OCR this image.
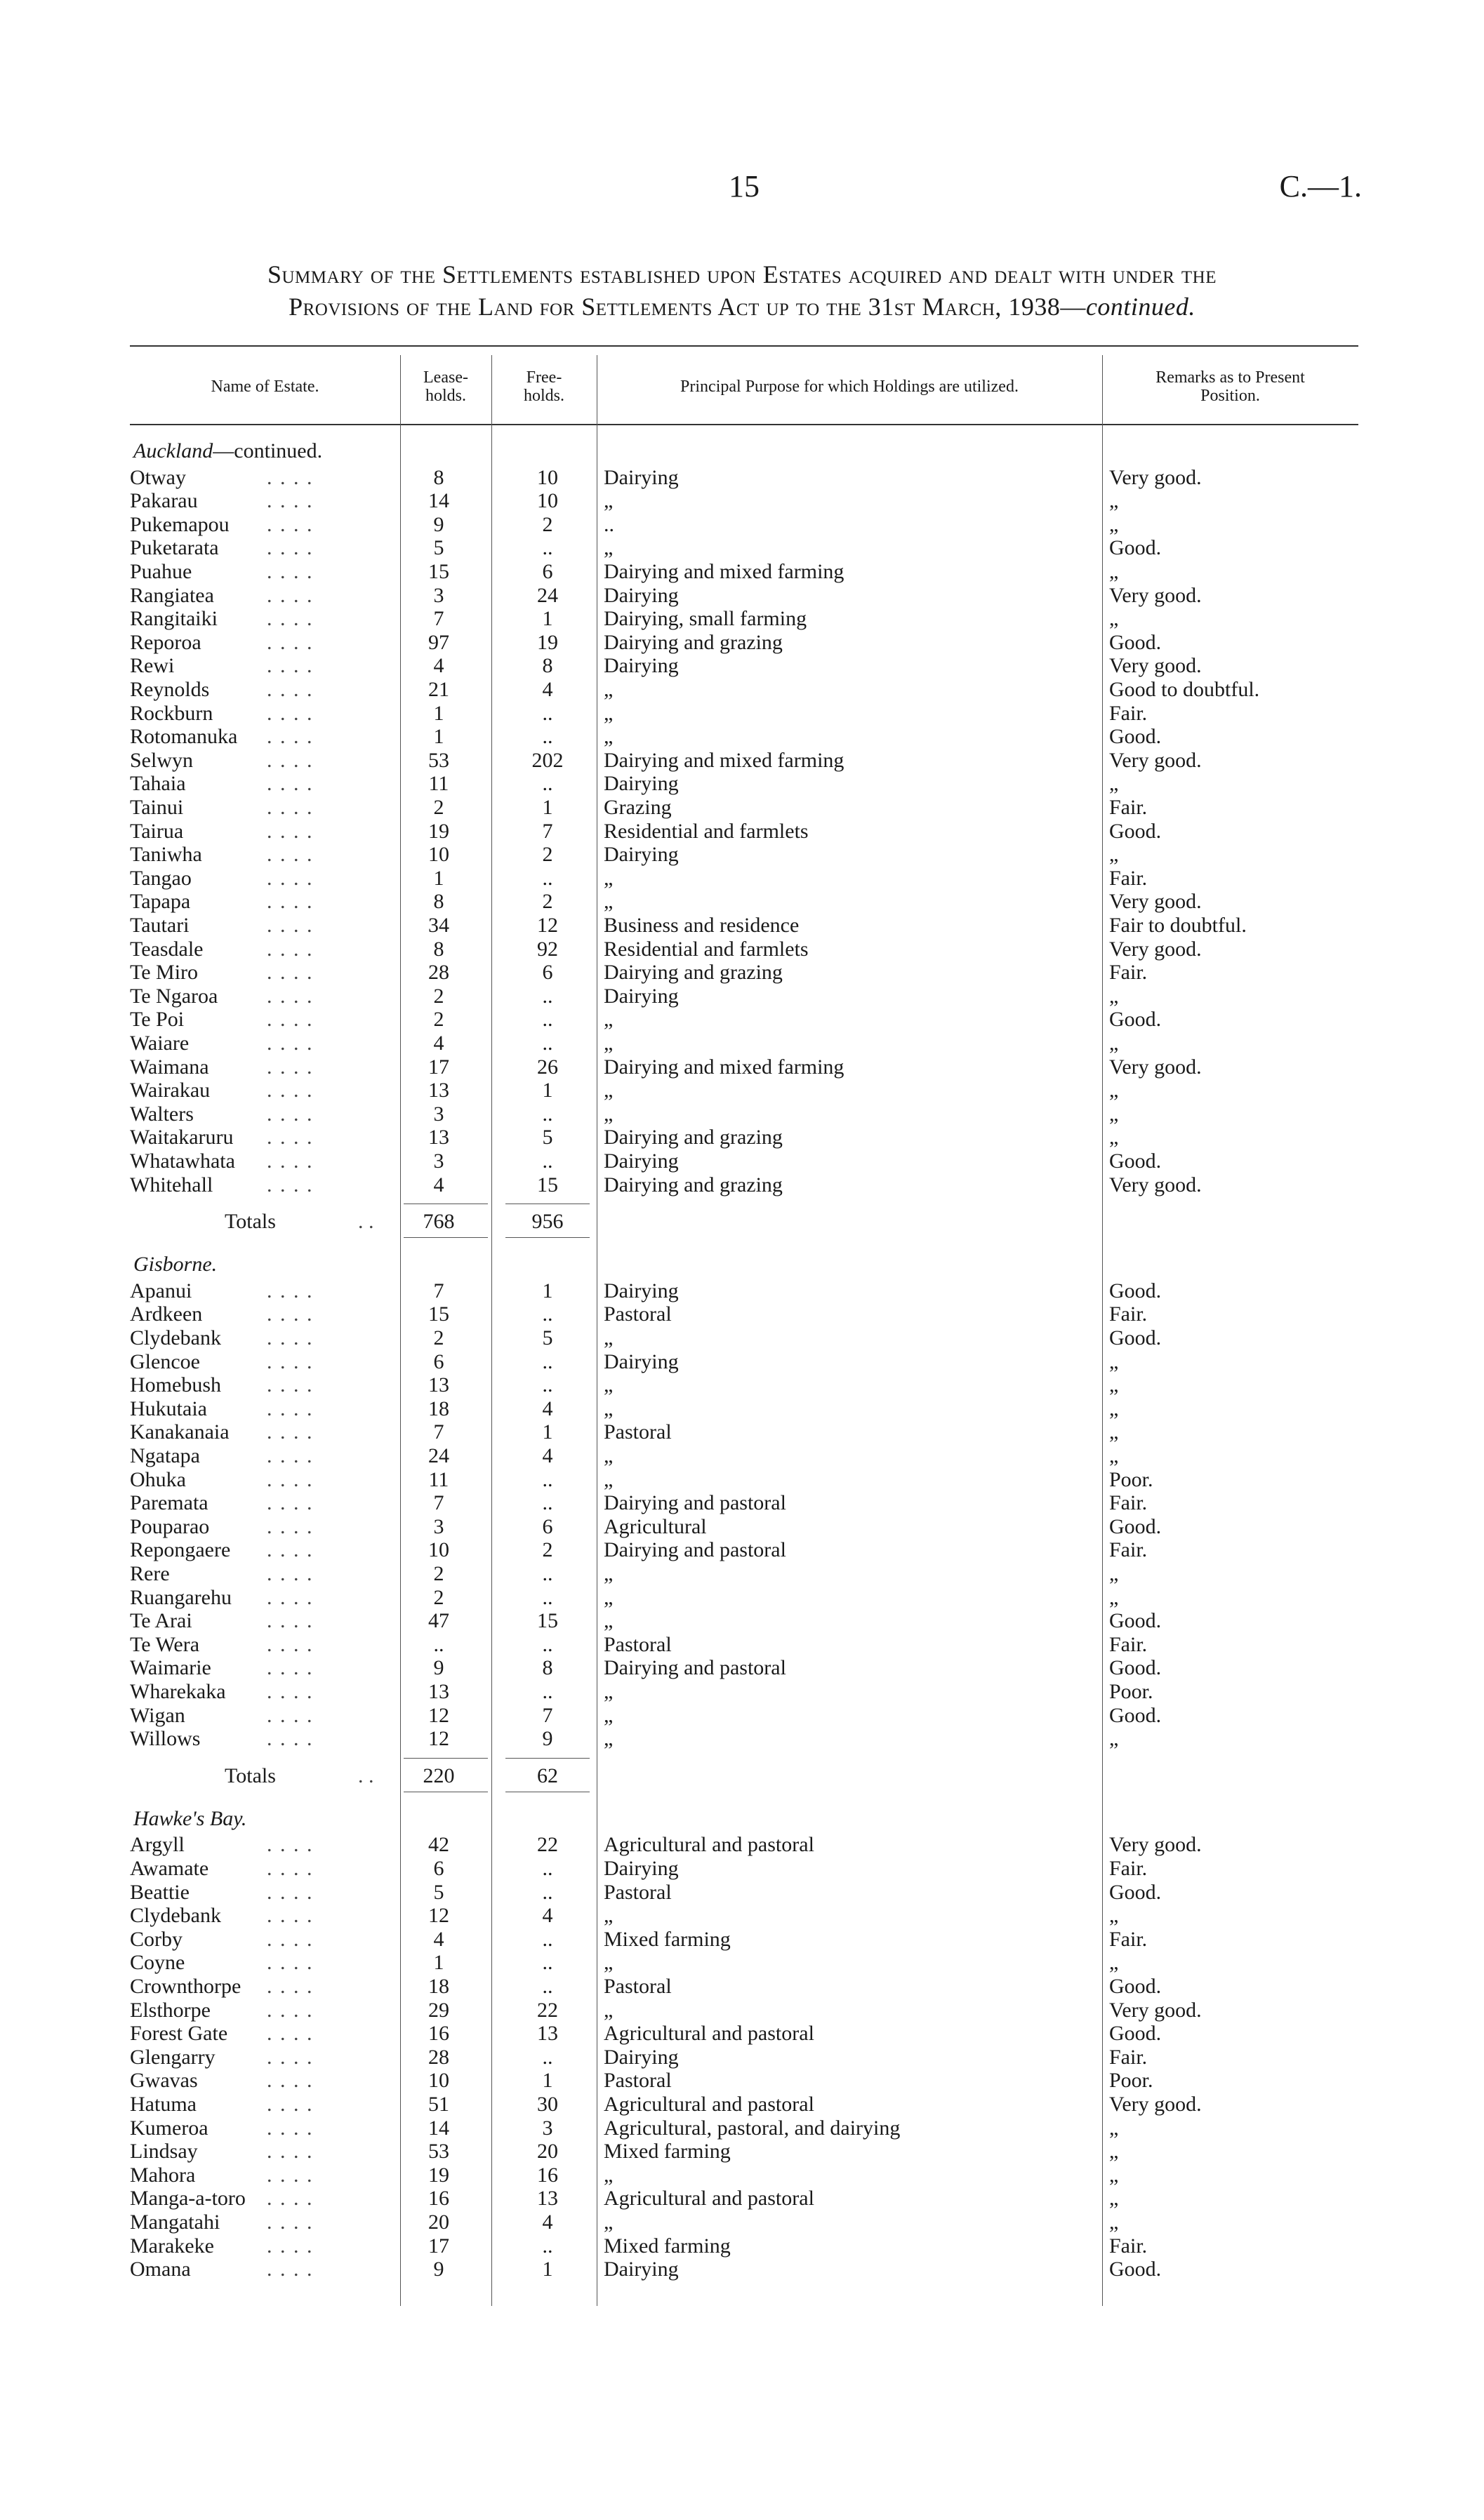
15	C.—1.
Summary of the Settlements established upon Estates acquired and dealt with under the
Provisions of the Land for Settlements Act up to the 31st March, 1938—continued.
Name of Estate.	Lease-
holds.
Free-
holds.	Principal Purpose for which Holdings are utilized.	Remarks as to Present
Position.
Auckland—continued.
Otway	. . . .	8	10	Dairying	Very good.
Pakarau	. . . .	14	10	„	„
Pukemapou	. . . .	9	2	..	„
Puketarata	. . . .	5	..	„	Good.
Puahue	. . . .	15	6	Dairying and mixed farming	„
Rangiatea	. . . .	3	24	Dairying	Very good.
Rangitaiki	. . . .	7	1	Dairying, small farming	„
Reporoa	. . . .	97	19	Dairying and grazing	Good.
Rewi	. . . .	4	8	Dairying	Very good.
Reynolds	. . . .	21	4	„	Good to doubtful.
Rockburn	. . . .	1	..	„	Fair.
Rotomanuka	. . . .	1	..	„	Good.
Selwyn	. . . .	53	202	Dairying and mixed farming	Very good.
Tahaia	. . . .	11	..	Dairying	„
Tainui	. . . .	2	1	Grazing	Fair.
Tairua	. . . .	19	7	Residential and farmlets	Good.
Taniwha	. . . .	10	2	Dairying	„
Tangao	. . . .	1	..	„	Fair.
Tapapa	. . . .	8	2	„	Very good.
Tautari	. . . .	34	12	Business and residence	Fair to doubtful.
Teasdale	. . . .	8	92	Residential and farmlets	Very good.
Te Miro	. . . .	28	6	Dairying and grazing	Fair.
Te Ngaroa	. . . .	2	..	Dairying	„
Te Poi	. . . .	2	..	„	Good.
Waiare	. . . .	4	..	„	„
Waimana	. . . .	17	26	Dairying and mixed farming	Very good.
Wairakau	. . . .	13	1	„	„
Walters	. . . .	3	..	„	„
Waitakaruru	. . . .	13	5	Dairying and grazing	„
Whatawhata	. . . .	3	..	Dairying	Good.
Whitehall	. . . .	4	15	Dairying and grazing	Very good.
Totals	. .	768	956
Gisborne.
Apanui	. . . .	7	1	Dairying	Good.
Ardkeen	. . . .	15	..	Pastoral	Fair.
Clydebank	. . . .	2	5	„	Good.
Glencoe	. . . .	6	..	Dairying	„
Homebush	. . . .	13	..	„	„
Hukutaia	. . . .	18	4	„	„
Kanakanaia	. . . .	7	1	Pastoral	„
Ngatapa	. . . .	24	4	„	„
Ohuka	. . . .	11	..	„	Poor.
Paremata	. . . .	7	..	Dairying and pastoral	Fair.
Pouparao	. . . .	3	6	Agricultural	Good.
Repongaere	. . . .	10	2	Dairying and pastoral	Fair.
Rere	. . . .	2	..	„	„
Ruangarehu	. . . .	2	..	„	„
Te Arai	. . . .	47	15	„	Good.
Te Wera	. . . .	..	..	Pastoral	Fair.
Waimarie	. . . .	9	8	Dairying and pastoral	Good.
Wharekaka	. . . .	13	..	„	Poor.
Wigan	. . . .	12	7	„	Good.
Willows	. . . .	12	9	„	„
Totals	. .	220	62
Hawke's Bay.
Argyll	. . . .	42	22	Agricultural and pastoral	Very good.
Awamate	. . . .	6	..	Dairying	Fair.
Beattie	. . . .	5	..	Pastoral	Good.
Clydebank	. . . .	12	4	„	„
Corby	. . . .	4	..	Mixed farming	Fair.
Coyne	. . . .	1	..	„	„
Crownthorpe	. . . .	18	..	Pastoral	Good.
Elsthorpe	. . . .	29	22	„	Very good.
Forest Gate	. . . .	16	13	Agricultural and pastoral	Good.
Glengarry	. . . .	28	..	Dairying	Fair.
Gwavas	. . . .	10	1	Pastoral	Poor.
Hatuma	. . . .	51	30	Agricultural and pastoral	Very good.
Kumeroa	. . . .	14	3	Agricultural, pastoral, and dairying	„
Lindsay	. . . .	53	20	Mixed farming	„
Mahora	. . . .	19	16	„	„
Manga-a-toro	. . . .	16	13	Agricultural and pastoral	„
Mangatahi	. . . .	20	4	„	„
Marakeke	. . . .	17	..	Mixed farming	Fair.
Omana	. . . .	9	1	Dairying	Good.
